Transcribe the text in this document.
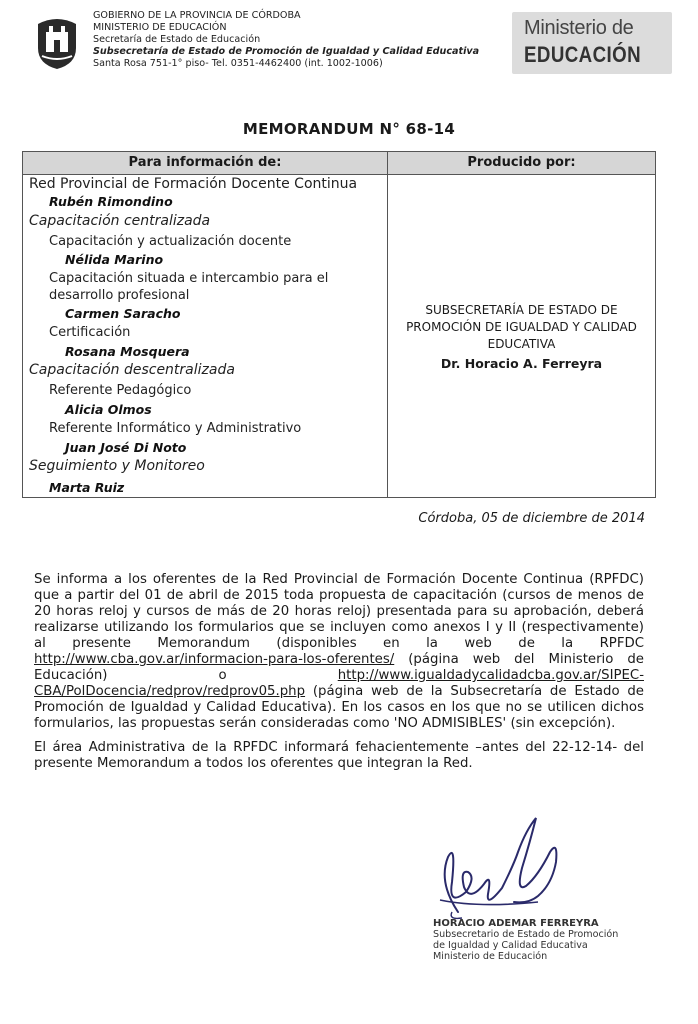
GOBIERNO DE LA PROVINCIA DE CÓRDOBA
MINISTERIO DE EDUCACIÓN
Secretaría de Estado de Educación
Subsecretaría de Estado de Promoción de Igualdad y Calidad Educativa
Santa Rosa 751-1° piso- Tel. 0351-4462400 (int. 1002-1006)
Ministerio de
EDUCACIÓN
MEMORANDUM N° 68-14
Para información de:	Producido por:
Red Provincial de Formación Docente Continua
Rubén Rimondino
Capacitación centralizada
Capacitación y actualización docente
Nélida Marino
Capacitación situada e intercambio para el
desarrollo profesional
Carmen Saracho
Certificación
Rosana Mosquera
Capacitación descentralizada
Referente Pedagógico
Alicia Olmos
Referente Informático y Administrativo
Juan José Di Noto
Seguimiento y Monitoreo
Marta Ruiz
SUBSECRETARÍA DE ESTADO DE
PROMOCIÓN DE IGUALDAD Y CALIDAD
EDUCATIVA
Dr. Horacio A. Ferreyra
Córdoba, 05 de diciembre de 2014

Se informa a los oferentes de la Red Provincial de Formación Docente Continua (RPFDC) que a partir del 01 de abril de 2015 toda propuesta de capacitación (cursos de menos de 20 horas reloj y cursos de más de 20 horas reloj) presentada para su aprobación, deberá realizarse utilizando los formularios que se incluyen como anexos I y II (respectivamente) al presente Memorandum (disponibles en la web de la RPFDC http://www.cba.gov.ar/informacion-para-los-oferentes/ (página web del Ministerio de Educación) o http://www.igualdadycalidadcba.gov.ar/SIPEC-CBA/PolDocencia/redprov/redprov05.php (página web de la Subsecretaría de Estado de Promoción de Igualdad y Calidad Educativa). En los casos en los que no se utilicen dichos formularios, las propuestas serán consideradas como 'NO ADMISIBLES' (sin excepción).

El área Administrativa de la RPFDC informará fehacientemente –antes del 22-12-14- del presente Memorandum a todos los oferentes que integran la Red.

HORACIO ADEMAR FERREYRA
Subsecretario de Estado de Promoción
de Igualdad y Calidad Educativa
Ministerio de Educación
